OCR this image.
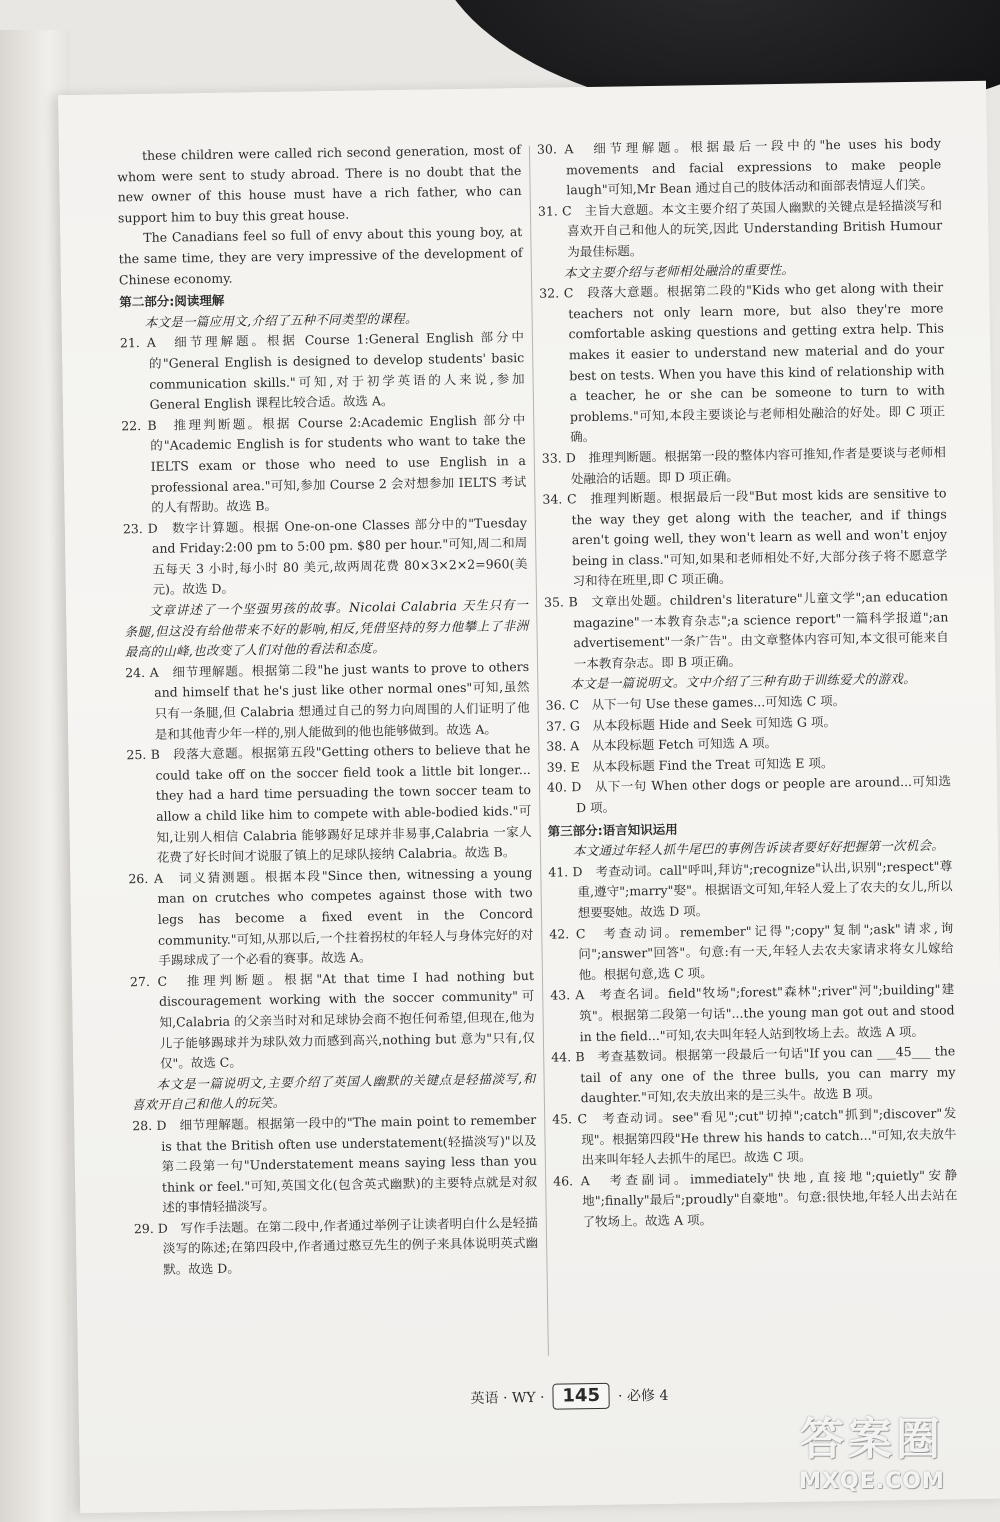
these children were called rich second generation, most of whom were sent to study abroad. There is no doubt that the new owner of this house must have a rich father, who can support him to buy this great house.

The Canadians feel so full of envy about this young boy, at the same time, they are very impressive of the development of Chinese economy.

第二部分:阅读理解

本文是一篇应用文,介绍了五种不同类型的课程。

21. A　细节理解题。根据 Course 1:General English 部分中的"General English is designed to develop students' basic communication skills."可知,对于初学英语的人来说,参加 General English 课程比较合适。故选 A。

22. B　推理判断题。根据 Course 2:Academic English 部分中的"Academic English is for students who want to take the IELTS exam or those who need to use English in a professional area."可知,参加 Course 2 会对想参加 IELTS 考试的人有帮助。故选 B。

23. D　数字计算题。根据 One-on-one Classes 部分中的"Tuesday and Friday:2:00 pm to 5:00 pm. $80 per hour."可知,周二和周五每天 3 小时,每小时 80 美元,故两周花费 80×3×2×2=960(美元)。故选 D。

文章讲述了一个坚强男孩的故事。Nicolai Calabria 天生只有一条腿,但这没有给他带来不好的影响,相反,凭借坚持的努力他攀上了非洲最高的山峰,也改变了人们对他的看法和态度。

24. A　细节理解题。根据第二段"he just wants to prove to others and himself that he's just like other normal ones"可知,虽然只有一条腿,但 Calabria 想通过自己的努力向周围的人们证明了他是和其他青少年一样的,别人能做到的他也能够做到。故选 A。

25. B　段落大意题。根据第五段"Getting others to believe that he could take off on the soccer field took a little bit longer... they had a hard time persuading the town soccer team to allow a child like him to compete with able-bodied kids."可知,让别人相信 Calabria 能够踢好足球并非易事,Calabria 一家人花费了好长时间才说服了镇上的足球队接纳 Calabria。故选 B。

26. A　词义猜测题。根据本段"Since then, witnessing a young man on crutches who competes against those with two legs has become a fixed event in the Concord community."可知,从那以后,一个拄着拐杖的年轻人与身体完好的对手踢球成了一个必看的赛事。故选 A。

27. C　推理判断题。根据"At that time I had nothing but discouragement working with the soccer community"可知,Calabria 的父亲当时对和足球协会商不抱任何希望,但现在,他为儿子能够踢球并为球队效力而感到高兴,nothing but 意为"只有,仅仅"。故选 C。

本文是一篇说明文,主要介绍了英国人幽默的关键点是轻描淡写,和喜欢开自己和他人的玩笑。

28. D　细节理解题。根据第一段中的"The main point to remember is that the British often use understatement(轻描淡写)"以及第二段第一句"Understatement means saying less than you think or feel."可知,英国文化(包含英式幽默)的主要特点就是对叙述的事情轻描淡写。

29. D　写作手法题。在第二段中,作者通过举例子让读者明白什么是轻描淡写的陈述;在第四段中,作者通过憨豆先生的例子来具体说明英式幽默。故选 D。

30. A　细节理解题。根据最后一段中的"he uses his body movements and facial expressions to make people laugh"可知,Mr Bean 通过自己的肢体活动和面部表情逗人们笑。

31. C　主旨大意题。本文主要介绍了英国人幽默的关键点是轻描淡写和喜欢开自己和他人的玩笑,因此 Understanding British Humour 为最佳标题。

本文主要介绍与老师相处融洽的重要性。

32. C　段落大意题。根据第二段的"Kids who get along with their teachers not only learn more, but also they're more comfortable asking questions and getting extra help. This makes it easier to understand new material and do your best on tests. When you have this kind of relationship with a teacher, he or she can be someone to turn to with problems."可知,本段主要谈论与老师相处融洽的好处。即 C 项正确。

33. D　推理判断题。根据第一段的整体内容可推知,作者是要谈与老师相处融洽的话题。即 D 项正确。

34. C　推理判断题。根据最后一段"But most kids are sensitive to the way they get along with the teacher, and if things aren't going well, they won't learn as well and won't enjoy being in class."可知,如果和老师相处不好,大部分孩子将不愿意学习和待在班里,即 C 项正确。

35. B　文章出处题。children's literature"儿童文学";an education magazine"一本教育杂志";a science report"一篇科学报道";an advertisement"一条广告"。由文章整体内容可知,本文很可能来自一本教育杂志。即 B 项正确。

本文是一篇说明文。文中介绍了三种有助于训练爱犬的游戏。

36. C　从下一句 Use these games...可知选 C 项。

37. G　从本段标题 Hide and Seek 可知选 G 项。

38. A　从本段标题 Fetch 可知选 A 项。

39. E　从本段标题 Find the Treat 可知选 E 项。

40. D　从下一句 When other dogs or people are around...可知选 D 项。

第三部分:语言知识运用

本文通过年轻人抓牛尾巴的事例告诉读者要好好把握第一次机会。

41. D　考查动词。call"呼叫,拜访";recognize"认出,识别";respect"尊重,遵守";marry"娶"。根据语文可知,年轻人爱上了农夫的女儿,所以想要娶她。故选 D 项。

42. C　考查动词。remember"记得";copy"复制";ask"请求,询问";answer"回答"。句意:有一天,年轻人去农夫家请求将女儿嫁给他。根据句意,选 C 项。

43. A　考查名词。field"牧场";forest"森林";river"河";building"建筑"。根据第二段第一句话"...the young man got out and stood in the field..."可知,农夫叫年轻人站到牧场上去。故选 A 项。

44. B　考查基数词。根据第一段最后一句话"If you can ___45___ the tail of any one of the three bulls, you can marry my daughter."可知,农夫放出来的是三头牛。故选 B 项。

45. C　考查动词。see"看见";cut"切掉";catch"抓到";discover"发现"。根据第四段"He threw his hands to catch..."可知,农夫放牛出来叫年轻人去抓牛的尾巴。故选 C 项。

46. A　考查副词。immediately"快地,直接地";quietly"安静地";finally"最后";proudly"自豪地"。句意:很快地,年轻人出去站在了牧场上。故选 A 项。

英语 · WY · 145	· 必修 4
答案圈
MXQE.COM
